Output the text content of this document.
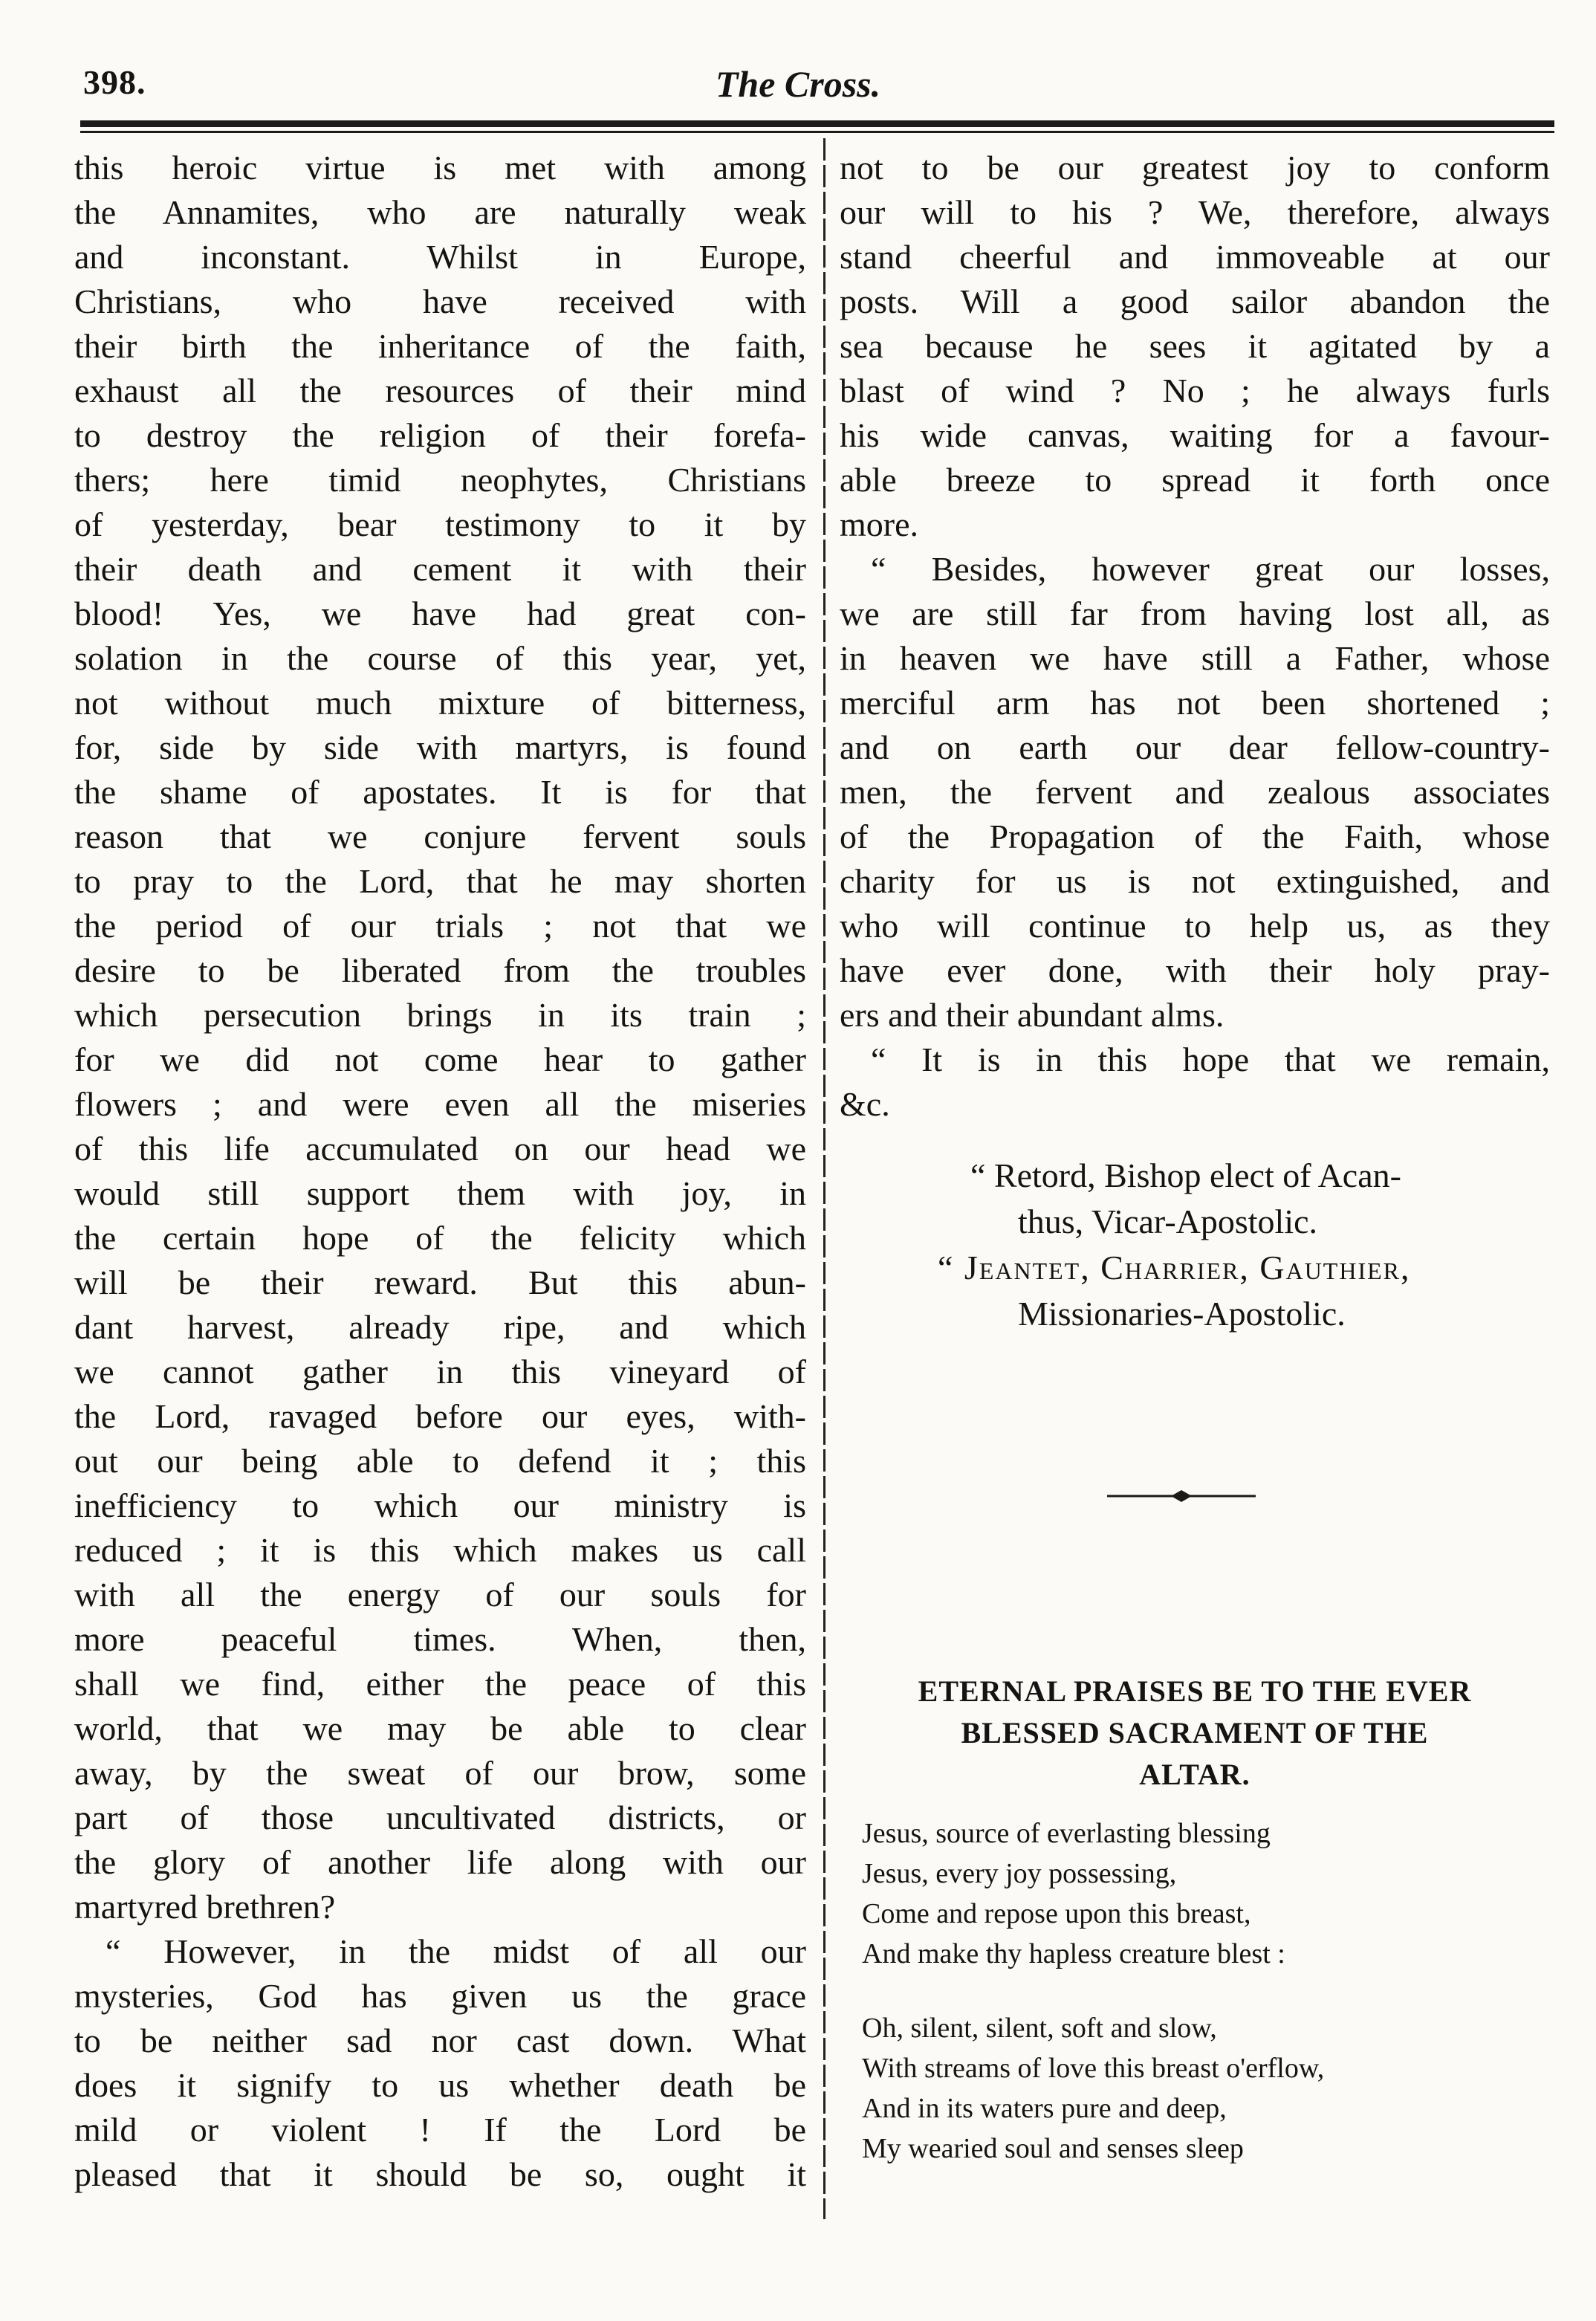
398.	The Cross.
this heroic virtue is met with among
the Annamites, who are naturally weak
and inconstant. Whilst in Europe,
Christians, who have received with
their birth the inheritance of the faith,
exhaust all the resources of their mind
to destroy the religion of their forefa-
thers; here timid neophytes, Christians
of yesterday, bear testimony to it by
their death and cement it with their
blood! Yes, we have had great con-
solation in the course of this year, yet,
not without much mixture of bitterness,
for, side by side with martyrs, is found
the shame of apostates. It is for that
reason that we conjure fervent souls
to pray to the Lord, that he may shorten
the period of our trials ; not that we
desire to be liberated from the troubles
which persecution brings in its train ;
for we did not come hear to gather
flowers ; and were even all the miseries
of this life accumulated on our head we
would still support them with joy, in
the certain hope of the felicity which
will be their reward. But this abun-
dant harvest, already ripe, and which
we cannot gather in this vineyard of
the Lord, ravaged before our eyes, with-
out our being able to defend it ; this
inefficiency to which our ministry is
reduced ; it is this which makes us call
with all the energy of our souls for
more peaceful times. When, then,
shall we find, either the peace of this
world, that we may be able to clear
away, by the sweat of our brow, some
part of those uncultivated districts, or
the glory of another life along with our
martyred brethren?
“ However, in the midst of all our
mysteries, God has given us the grace
to be neither sad nor cast down. What
does it signify to us whether death be
mild or violent ! If the Lord be
pleased that it should be so, ought it
not to be our greatest joy to conform
our will to his ? We, therefore, always
stand cheerful and immoveable at our
posts. Will a good sailor abandon the
sea because he sees it agitated by a
blast of wind ? No ; he always furls
his wide canvas, waiting for a favour-
able breeze to spread it forth once
more.
“ Besides, however great our losses,
we are still far from having lost all, as
in heaven we have still a Father, whose
merciful arm has not been shortened ;
and on earth our dear fellow-country-
men, the fervent and zealous associates
of the Propagation of the Faith, whose
charity for us is not extinguished, and
who will continue to help us, as they
have ever done, with their holy pray-
ers and their abundant alms.
“ It is in this hope that we remain,
&c.
“ Retord, Bishop elect of Acan-
thus, Vicar-Apostolic.
“ Jeantet, Charrier, Gauthier,
Missionaries-Apostolic.
ETERNAL PRAISES BE TO THE EVER
BLESSED SACRAMENT OF THE
ALTAR.
Jesus, source of everlasting blessing
Jesus, every joy possessing,
Come and repose upon this breast,
And make thy hapless creature blest :
Oh, silent, silent, soft and slow,
With streams of love this breast o'erflow,
And in its waters pure and deep,
My wearied soul and senses sleep
